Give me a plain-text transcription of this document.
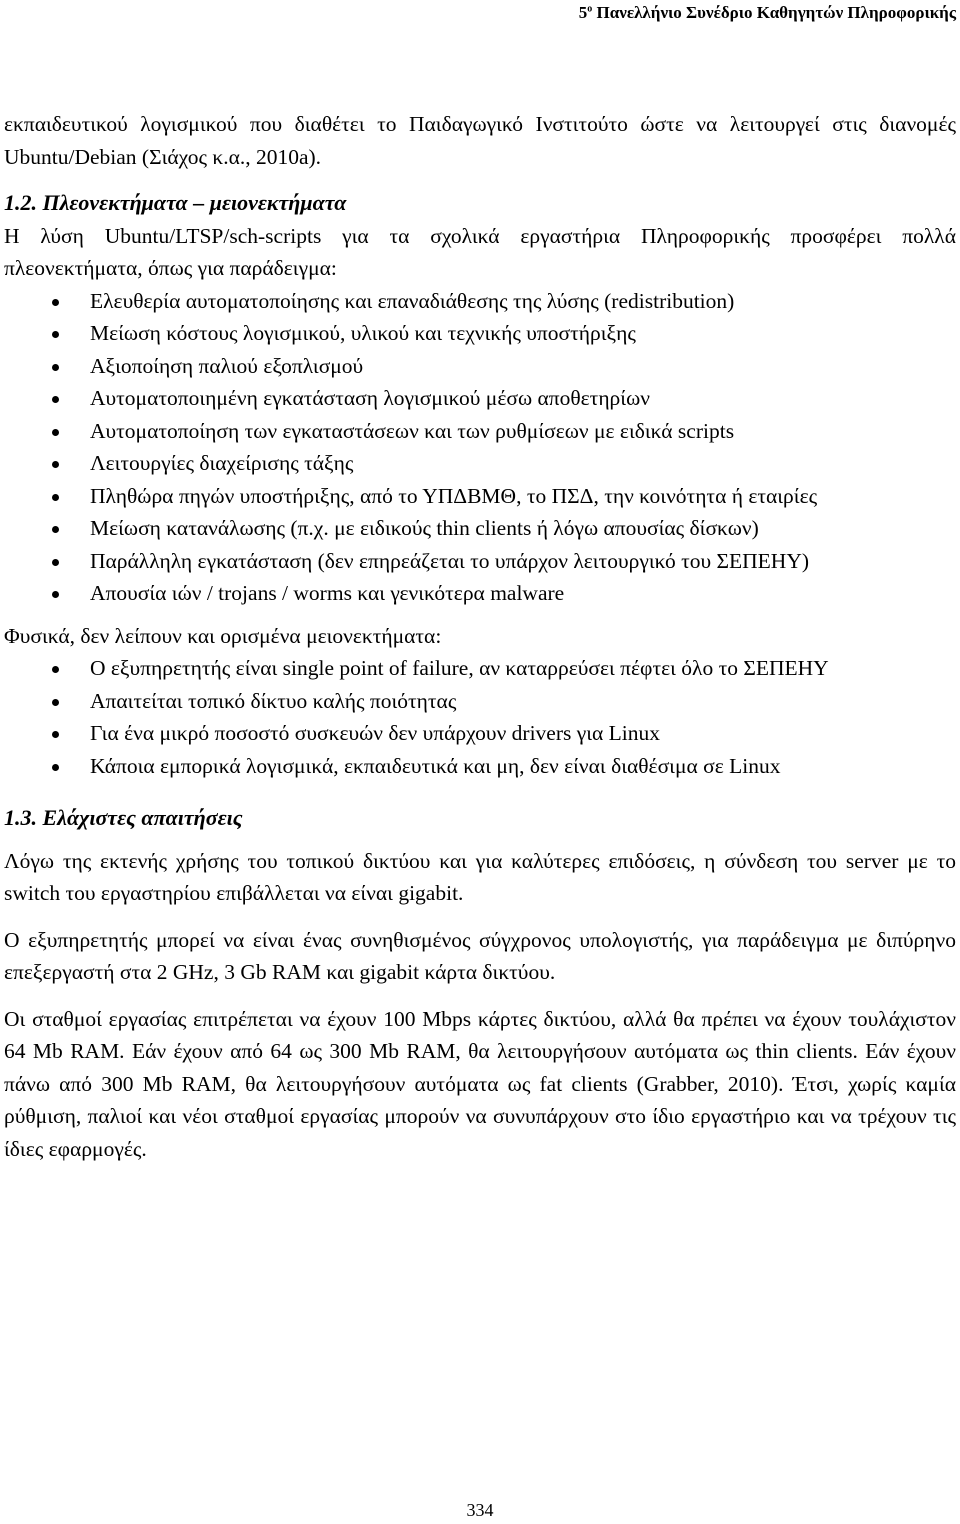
$5^o$ Πανελλήνιο Συνέδριο Καθηγητών Πληροφορικής

εκπαιδευτικού λογισμικού που διαθέτει το Παιδαγωγικό Ινστιτούτο ώστε να λειτουργεί στις διανομές Ubuntu/Debian (Σιάχος κ.α., 2010a).

1.2. Πλεονεκτήματα – μειονεκτήματα

Η λύση Ubuntu/LTSP/sch-scripts για τα σχολικά εργαστήρια Πληροφορικής προσφέρει πολλά πλεονεκτήματα, όπως για παράδειγμα:

Ελευθερία αυτοματοποίησης και επαναδιάθεσης της λύσης (redistribution)
Μείωση κόστους λογισμικού, υλικού και τεχνικής υποστήριξης
Αξιοποίηση παλιού εξοπλισμού
Αυτοματοποιημένη εγκατάσταση λογισμικού μέσω αποθετηρίων
Αυτοματοποίηση των εγκαταστάσεων και των ρυθμίσεων με ειδικά scripts
Λειτουργίες διαχείρισης τάξης
Πληθώρα πηγών υποστήριξης, από το ΥΠΔΒΜΘ, το ΠΣΔ, την κοινότητα ή εταιρίες
Μείωση κατανάλωσης (π.χ. με ειδικούς thin clients ή λόγω απουσίας δίσκων)
Παράλληλη εγκατάσταση (δεν επηρεάζεται το υπάρχον λειτουργικό του ΣΕΠΕΗΥ)
Απουσία ιών / trojans / worms και γενικότερα malware

Φυσικά, δεν λείπουν και ορισμένα μειονεκτήματα:

Ο εξυπηρετητής είναι single point of failure, αν καταρρεύσει πέφτει όλο το ΣΕΠΕΗΥ
Απαιτείται τοπικό δίκτυο καλής ποιότητας
Για ένα μικρό ποσοστό συσκευών δεν υπάρχουν drivers για Linux
Κάποια εμπορικά λογισμικά, εκπαιδευτικά και μη, δεν είναι διαθέσιμα σε Linux

1.3. Ελάχιστες απαιτήσεις

Λόγω της εκτενής χρήσης του τοπικού δικτύου και για καλύτερες επιδόσεις, η σύνδεση του server με το switch του εργαστηρίου επιβάλλεται να είναι gigabit.

Ο εξυπηρετητής μπορεί να είναι ένας συνηθισμένος σύγχρονος υπολογιστής, για παράδειγμα με διπύρηνο επεξεργαστή στα 2 GHz, 3 Gb RAM και gigabit κάρτα δικτύου.

Οι σταθμοί εργασίας επιτρέπεται να έχουν 100 Mbps κάρτες δικτύου, αλλά θα πρέπει να έχουν τουλάχιστον 64 Mb RAM. Εάν έχουν από 64 ως 300 Mb RAM, θα λειτουργήσουν αυτόματα ως thin clients. Εάν έχουν πάνω από 300 Mb RAM, θα λειτουργήσουν αυτόματα ως fat clients (Grabber, 2010). Έτσι, χωρίς καμία ρύθμιση, παλιοί και νέοι σταθμοί εργασίας μπορούν να συνυπάρχουν στο ίδιο εργαστήριο και να τρέχουν τις ίδιες εφαρμογές.

334
